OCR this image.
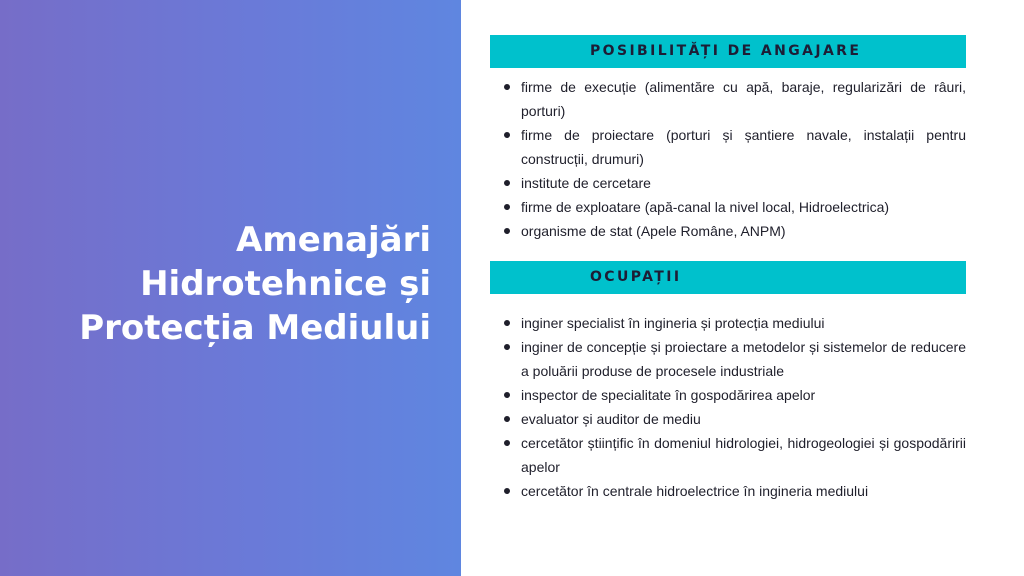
Amenajări
Hidrotehnice și
Protecția Mediului
POSIBILITĂȚI DE ANGAJARE
firme de execuție (alimentăre cu apă, baraje, regularizări de râuri, porturi)
firme de proiectare (porturi și șantiere navale, instalații pentru construcții, drumuri)
institute de cercetare
firme de exploatare (apă-canal la nivel local, Hidroelectrica)
organisme de stat (Apele Române, ANPM)
OCUPAȚII
inginer specialist în ingineria și protecția mediului
inginer de concepție și proiectare a metodelor și sistemelor de reducere a poluării produse de procesele industriale
inspector de specialitate în gospodărirea apelor
evaluator și auditor de mediu
cercetător științific în domeniul hidrologiei, hidrogeologiei și gospodăririi apelor
cercetător în centrale hidroelectrice în ingineria mediului
